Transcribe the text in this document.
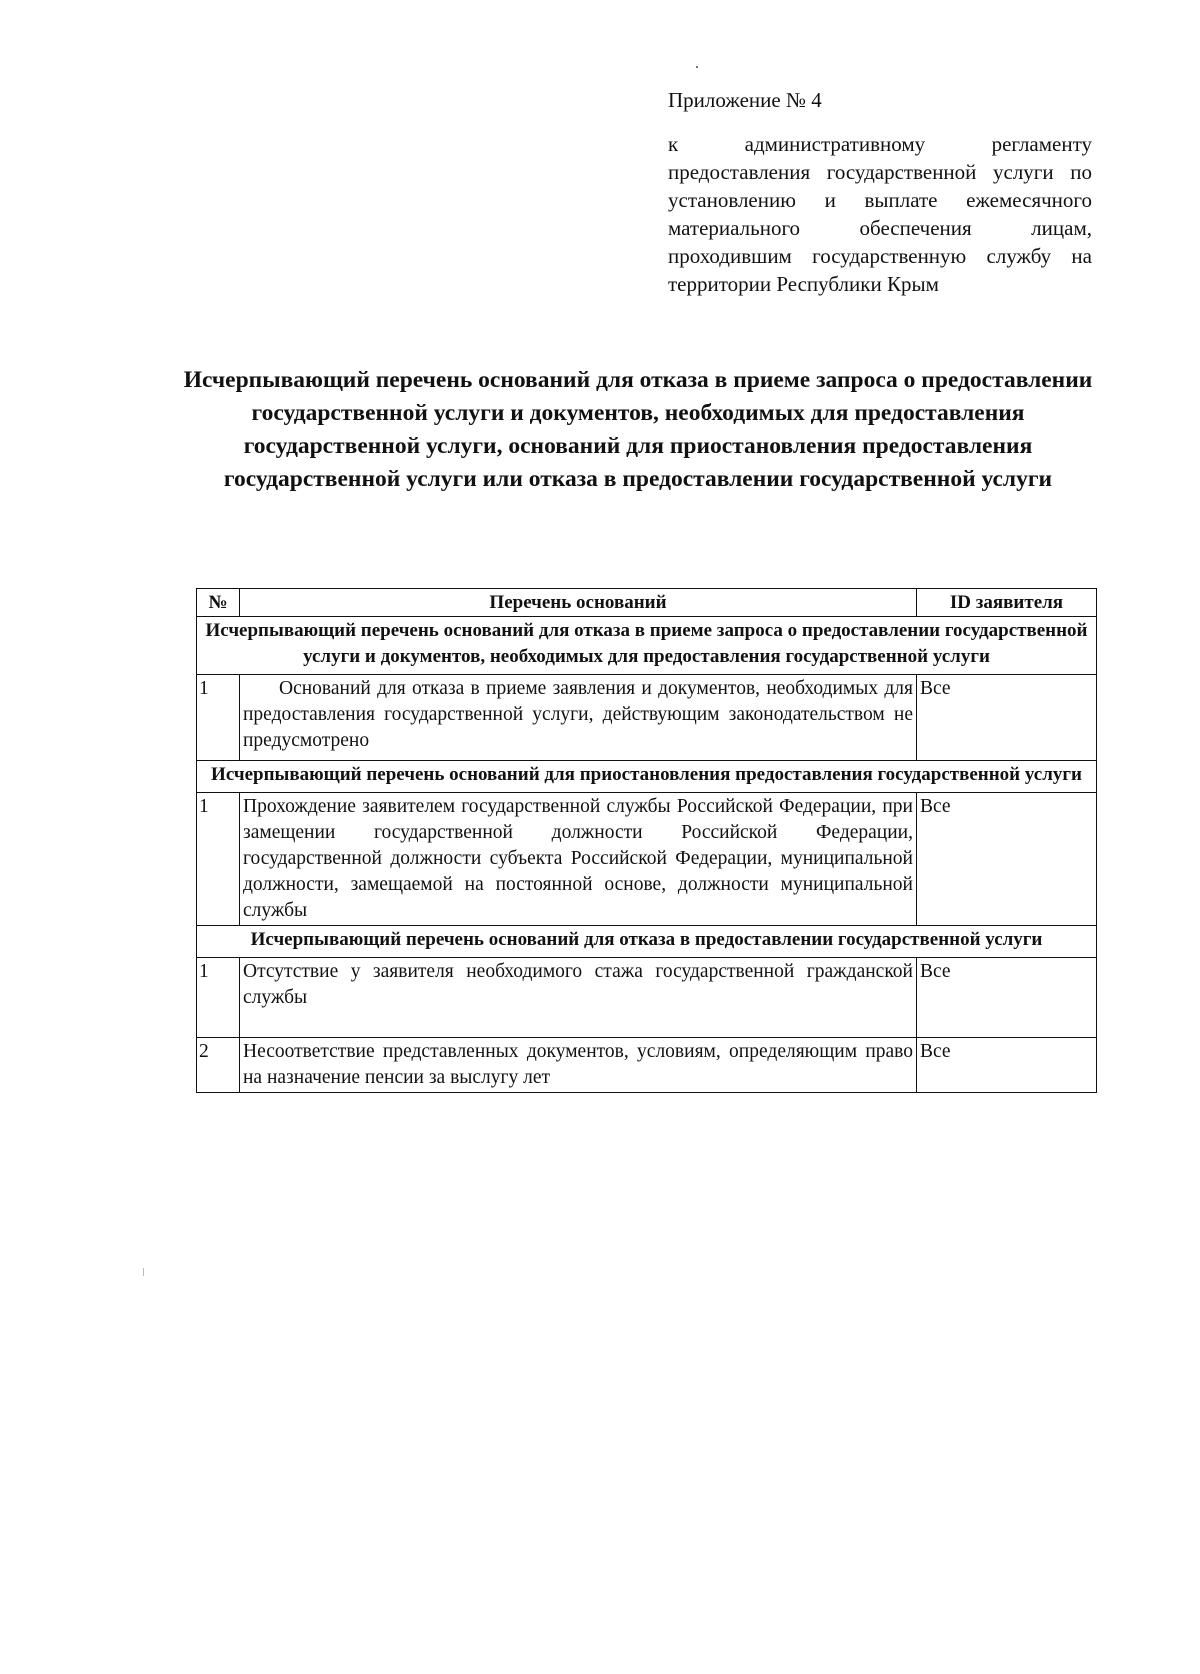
Приложение № 4
к административному регламенту предоставления государственной услуги по установлению и выплате ежемесячного материального обеспечения лицам, проходившим государственную службу на территории Республики Крым
Исчерпывающий перечень оснований для отказа в приеме запроса о предоставлении государственной услуги и документов, необходимых для предоставления государственной услуги, оснований для приостановления предоставления государственной услуги или отказа в предоставлении государственной услуги
№	Перечень оснований	ID заявителя
Исчерпывающий перечень оснований для отказа в приеме запроса о предоставлении государственной услуги и документов, необходимых для предоставления государственной услуги		
1	Оснований для отказа в приеме заявления и документов, необходимых для предоставления государственной услуги, действующим законодательством не предусмотрено	Все
Исчерпывающий перечень оснований для приостановления предоставления государственной услуги		
1	Прохождение заявителем государственной службы Российской Федерации, при замещении государственной должности Российской Федерации, государственной должности субъекта Российской Федерации, муниципальной должности, замещаемой на постоянной основе, должности муниципальной службы	Все
Исчерпывающий перечень оснований для отказа в предоставлении государственной услуги		
1	Отсутствие у заявителя необходимого стажа государственной гражданской службы	Все
2	Несоответствие представленных документов, условиям, определяющим право на назначение пенсии за выслугу лет	Все
